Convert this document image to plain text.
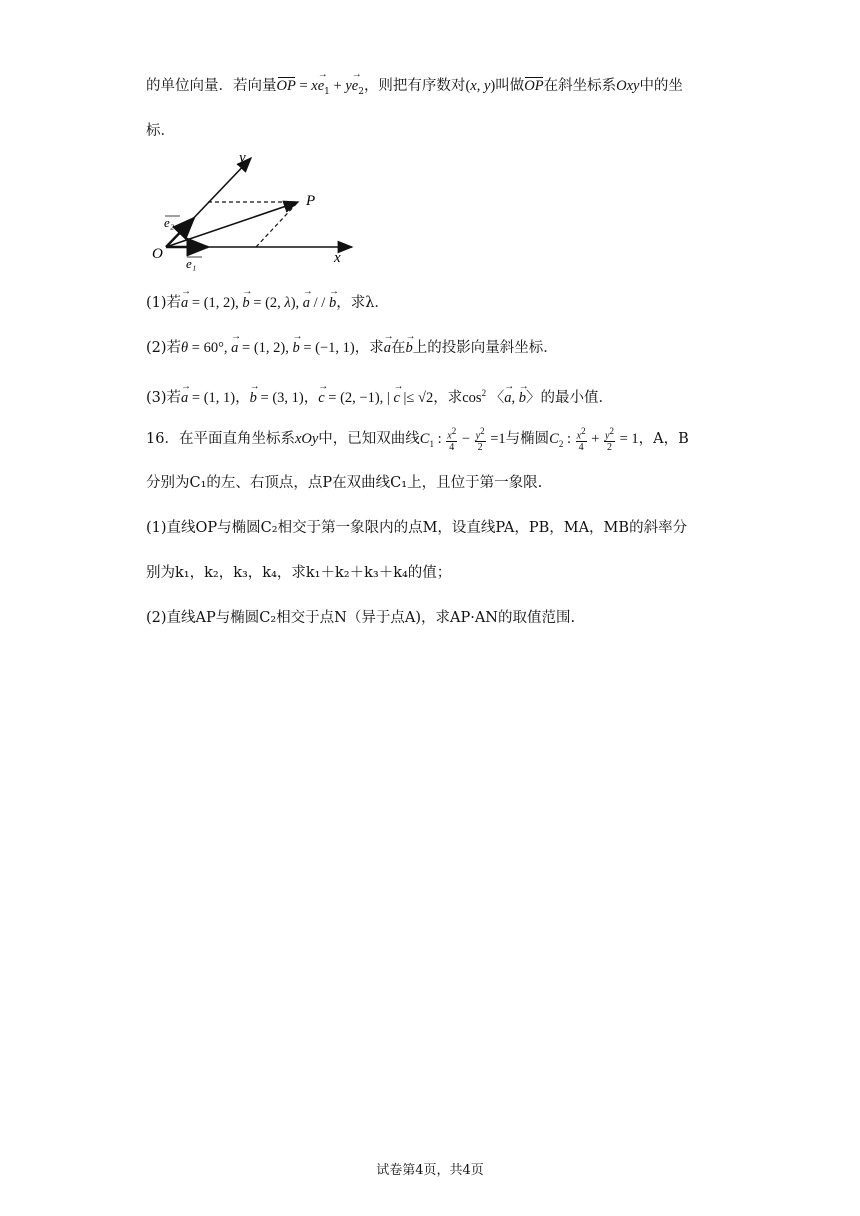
的单位向量．若向量OP = $x\to e_1 + y\to e_2$，则把有序数对(x, y)叫做OP在斜坐标系Oxy中的坐
标．
y
x
O
P
e₁
e₂
(1)若→ a = (1, 2), → b = (2, λ), → a / / → b，求λ．
(2)若θ = 60°, → a = (1, 2), → b = (−1, 1)，求→ a在→ b上的投影向量斜坐标．
(3)若→ a = (1, 1)，→ b = (3, 1)，→ c = (2, −1), | → c |≤ √2，求$\cos^2$ 〈→ a, → b〉的最小值．
16．在平面直角坐标系xOy中，已知双曲线$C_1$ : $\frac{x^2}{4} - \frac{y^2}{2} =1$与椭圆$C_2$ : $\frac{x^2}{4} + \frac{y^2}{2} = 1$，A，B
分别为C₁的左、右顶点，点P在双曲线C₁上，且位于第一象限.
(1)直线OP与椭圆C₂相交于第一象限内的点M，设直线PA，PB，MA，MB的斜率分
别为k₁，k₂，k₃，k₄，求k₁＋k₂＋k₃＋k₄的值；
(2)直线AP与椭圆C₂相交于点N（异于点A)，求AP·AN的取值范围.
试卷第4页，共4页
